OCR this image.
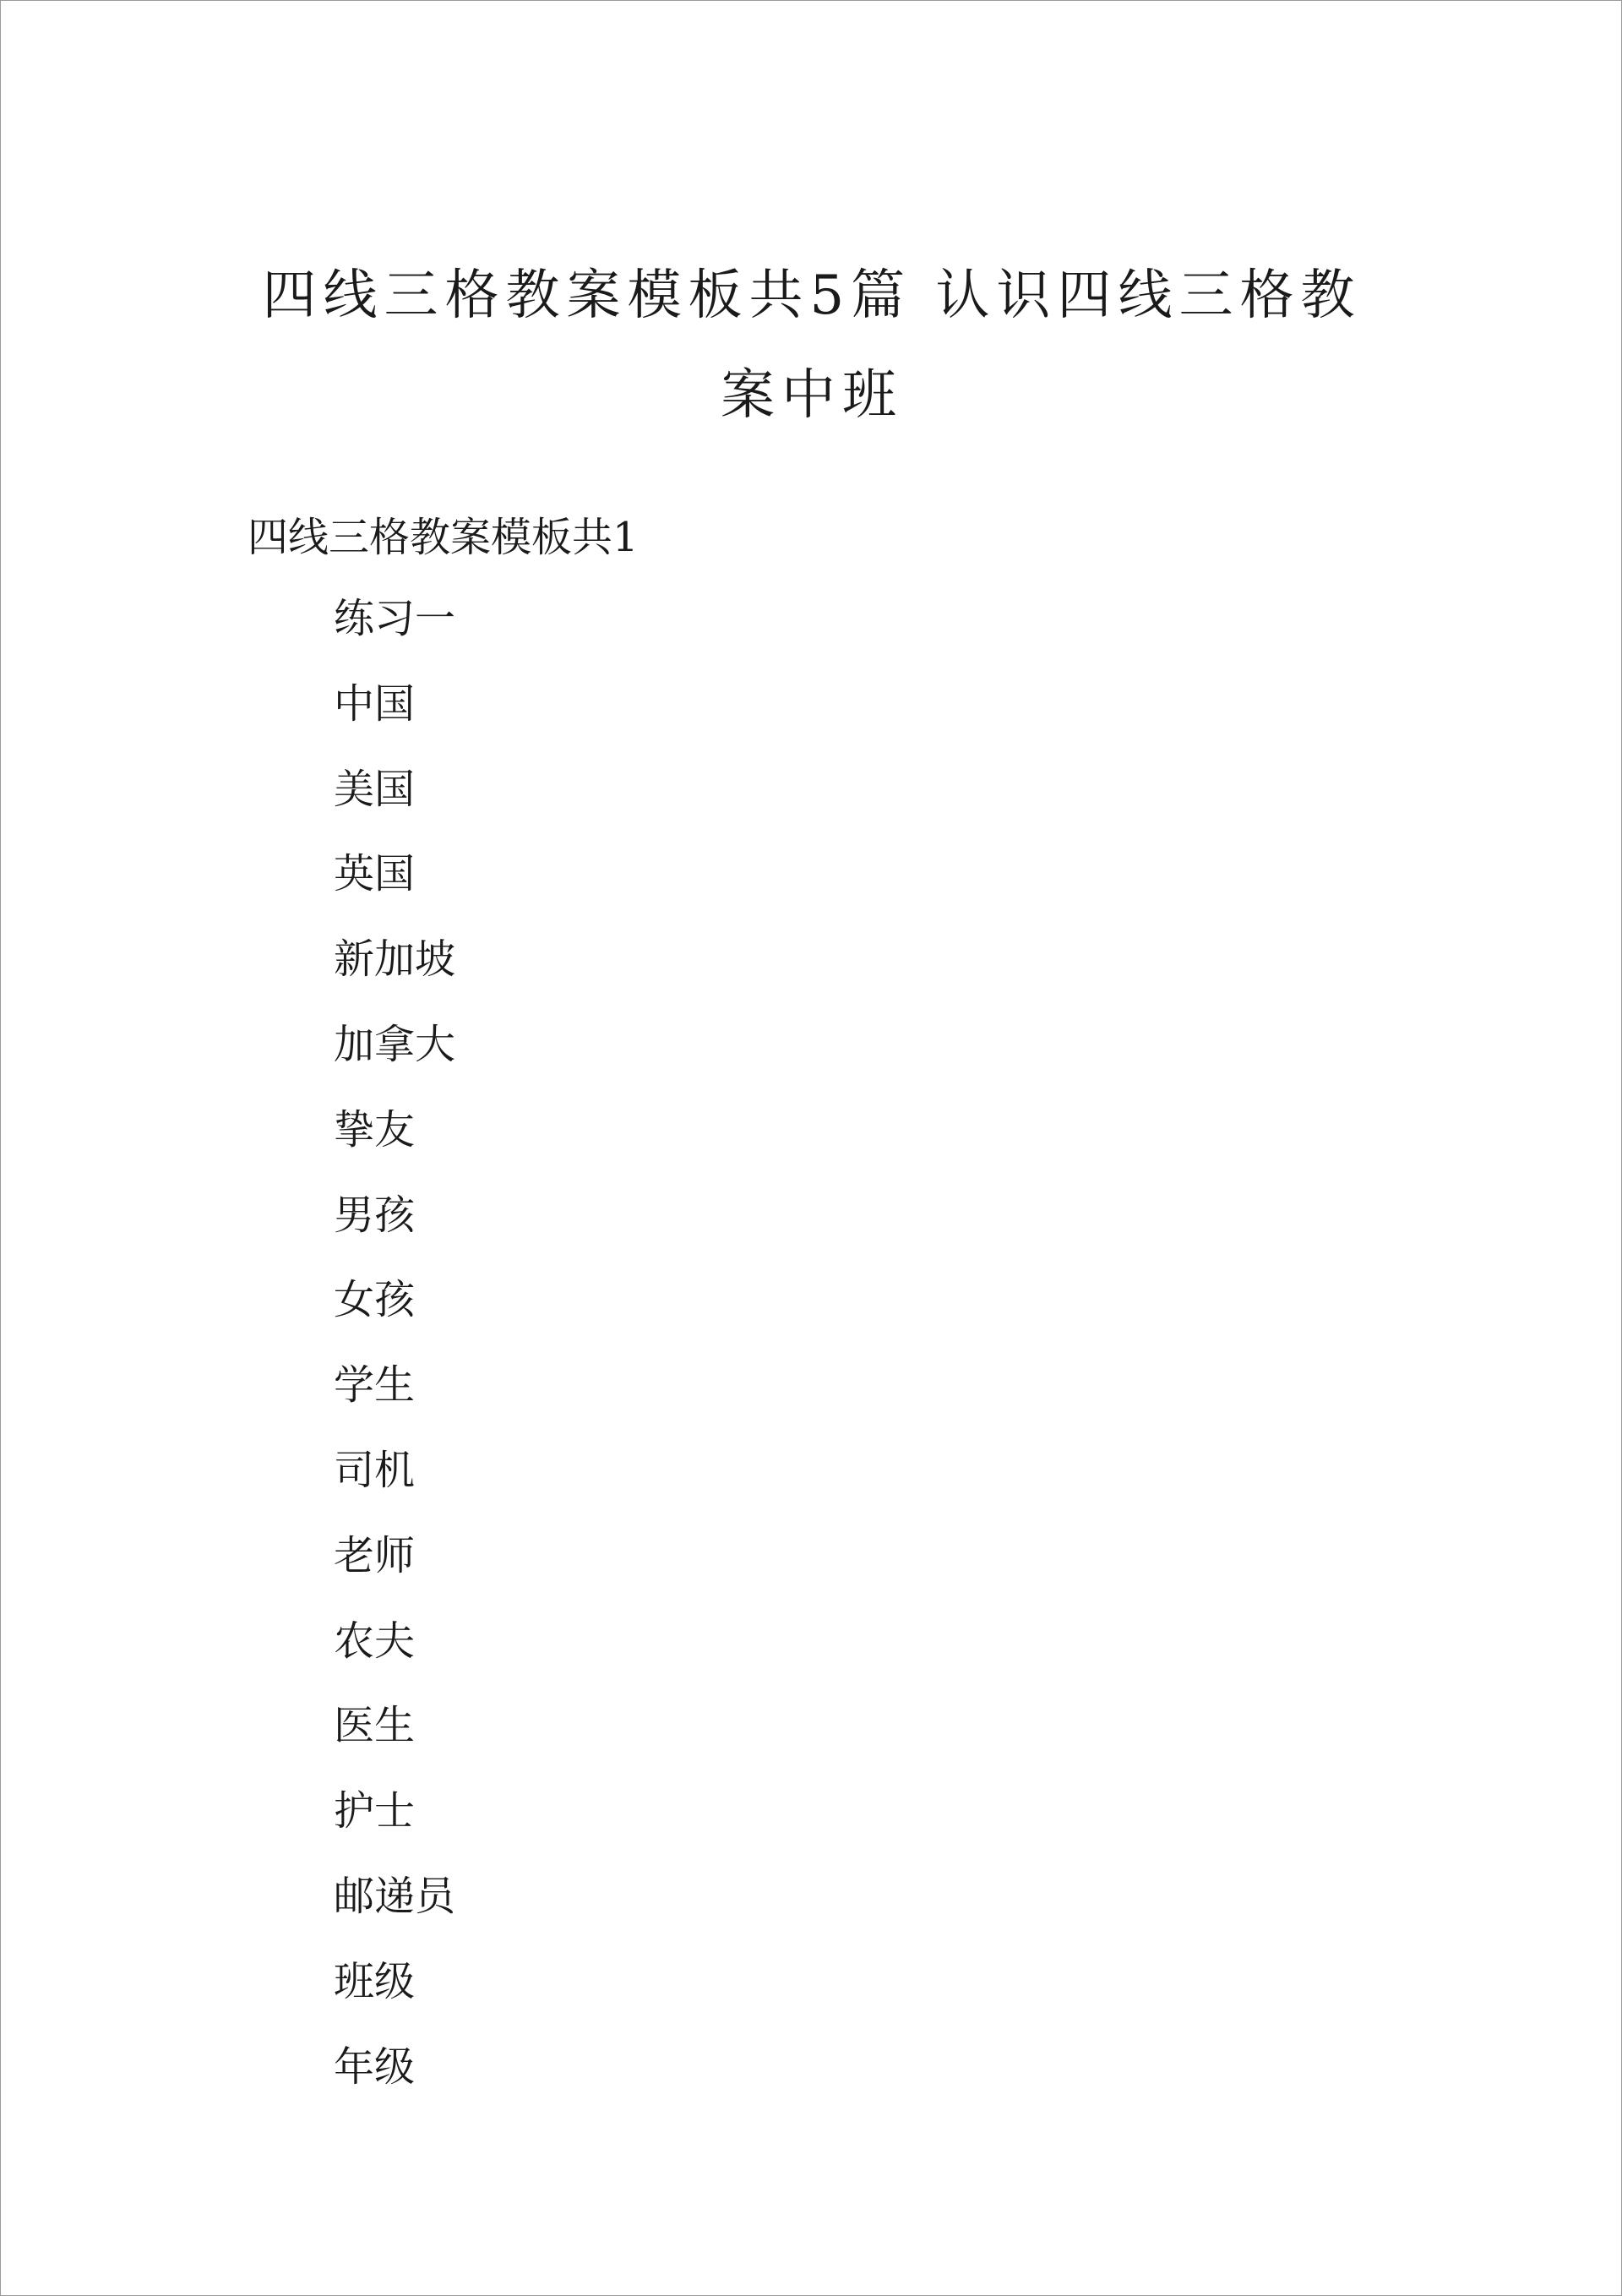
四线三格教案模板共5篇 认识四线三格教
案中班
四线三格教案模板共1
练习一
中国
美国
英国
新加坡
加拿大
挚友
男孩
女孩
学生
司机
老师
农夫
医生
护士
邮递员
班级
年级
